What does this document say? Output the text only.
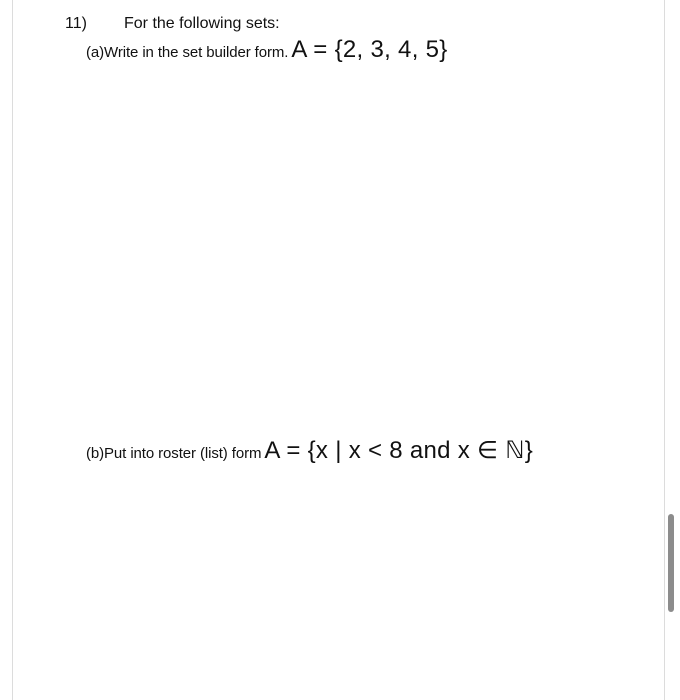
11) For the following sets:
(a)Write in the set builder form. A = {2, 3, 4, 5}
(b)Put into roster (list) form A = {x | x < 8 and x ∈ ℕ}
